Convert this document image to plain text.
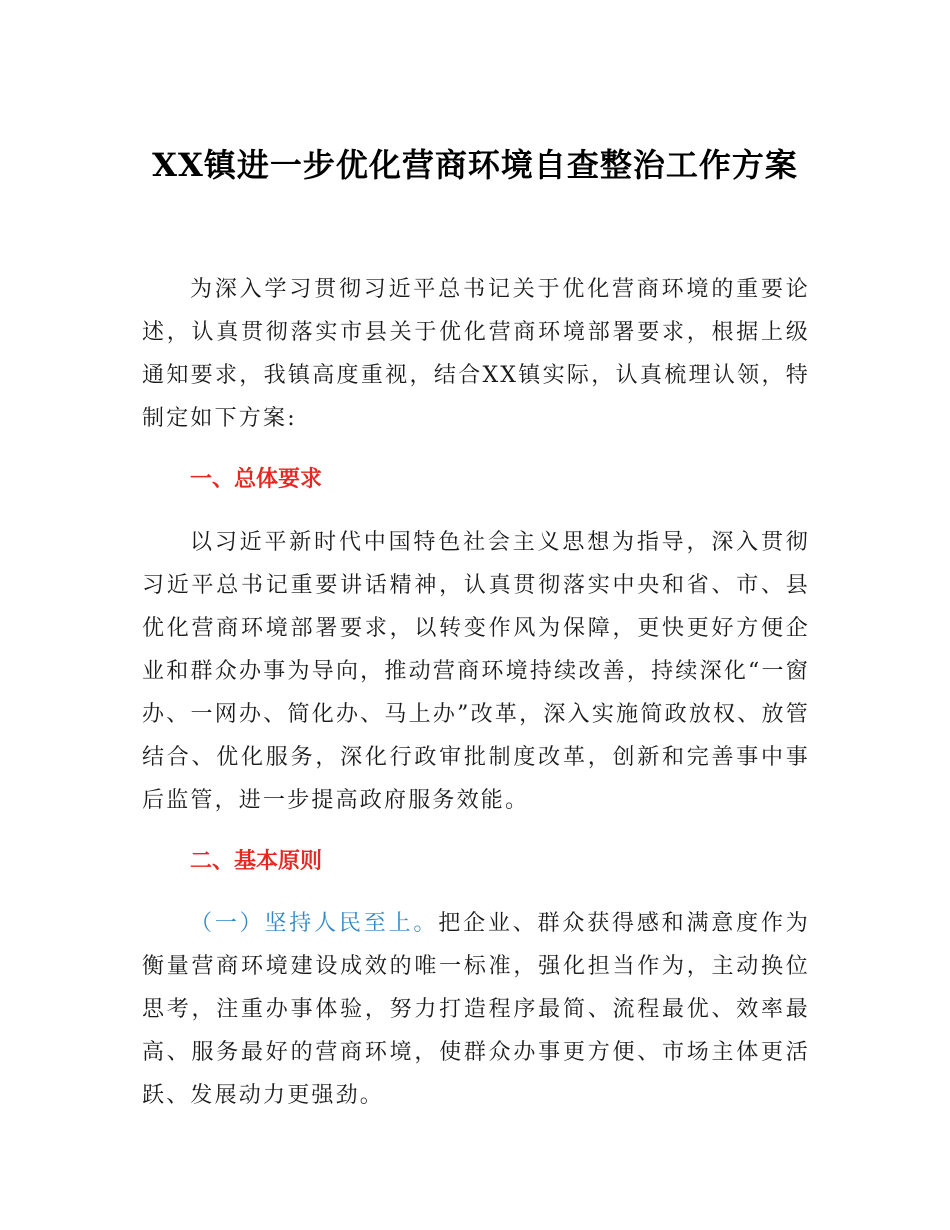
XX镇进一步优化营商环境自查整治工作方案

为深入学习贯彻习近平总书记关于优化营商环境的重要论述，认真贯彻落实市县关于优化营商环境部署要求，根据上级通知要求，我镇高度重视，结合XX镇实际，认真梳理认领，特制定如下方案:

一、总体要求

以习近平新时代中国特色社会主义思想为指导，深入贯彻习近平总书记重要讲话精神，认真贯彻落实中央和省、市、县优化营商环境部署要求，以转变作风为保障，更快更好方便企业和群众办事为导向，推动营商环境持续改善，持续深化“一窗办、一网办、简化办、马上办”改革，深入实施简政放权、放管结合、优化服务，深化行政审批制度改革，创新和完善事中事后监管，进一步提高政府服务效能。

二、基本原则

（一）坚持人民至上。把企业、群众获得感和满意度作为衡量营商环境建设成效的唯一标准，强化担当作为，主动换位思考，注重办事体验，努力打造程序最简、流程最优、效率最高、服务最好的营商环境，使群众办事更方便、市场主体更活跃、发展动力更强劲。
